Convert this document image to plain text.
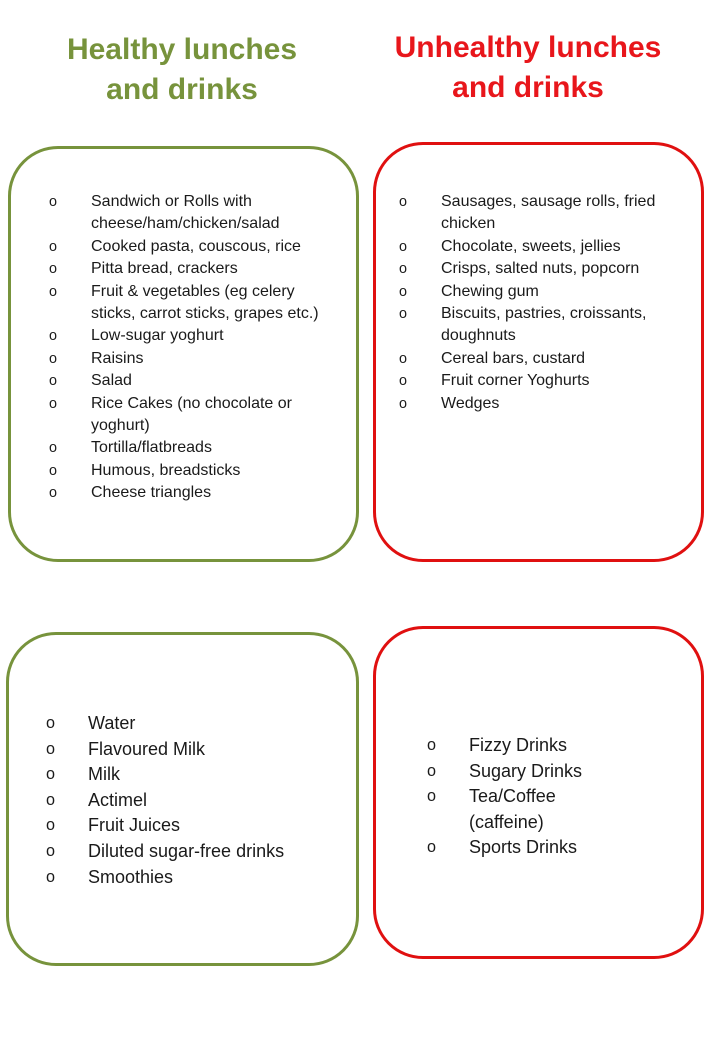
Healthy lunches
and drinks
Unhealthy lunches
and drinks
o Sandwich or Rolls with cheese/ham/chicken/salad
o Cooked pasta, couscous, rice
o Pitta bread, crackers
o Fruit & vegetables (eg celery sticks, carrot sticks, grapes etc.)
o Low-sugar yoghurt
o Raisins
o Salad
o Rice Cakes (no chocolate or yoghurt)
o Tortilla/flatbreads
o Humous, breadsticks
o Cheese triangles
o Sausages, sausage rolls, fried chicken
o Chocolate, sweets, jellies
o Crisps, salted nuts, popcorn
o Chewing gum
o Biscuits, pastries, croissants, doughnuts
o Cereal bars, custard
o Fruit corner Yoghurts
o Wedges
o Water
o Flavoured Milk
o Milk
o Actimel
o Fruit Juices
o Diluted sugar-free drinks
o Smoothies
o Fizzy Drinks
o Sugary Drinks
o Tea/Coffee (caffeine)
o Sports Drinks
